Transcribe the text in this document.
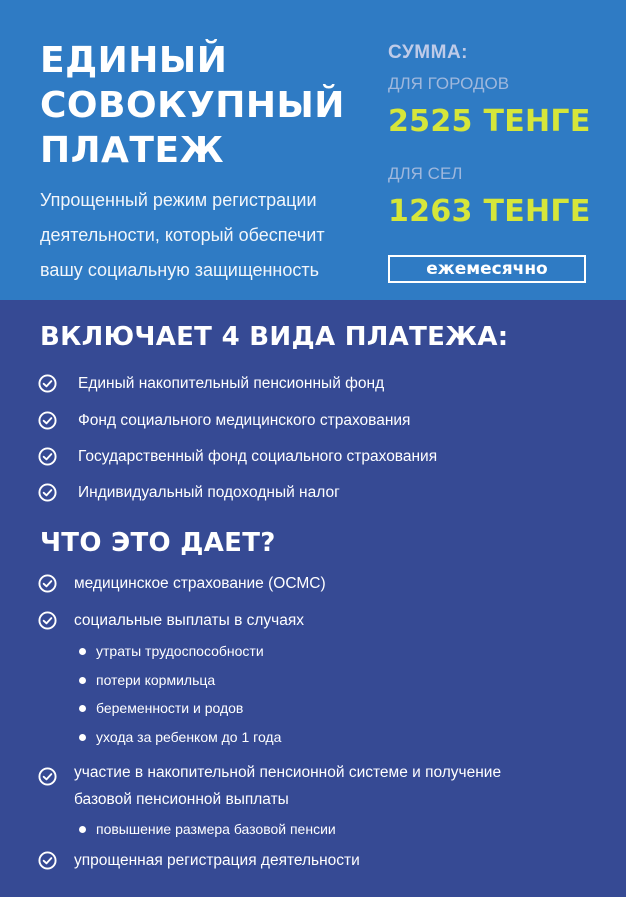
ЕДИНЫЙ
СОВОКУПНЫЙ
ПЛАТЕЖ
Упрощенный режим регистрации
деятельности, который обеспечит
вашу социальную защищенность
СУММА:
ДЛЯ ГОРОДОВ
2525 ТЕНГЕ
ДЛЯ СЕЛ
1263 ТЕНГЕ
ежемесячно
ВКЛЮЧАЕТ 4 ВИДА ПЛАТЕЖА:
Единый накопительный пенсионный фонд
Фонд социального медицинского страхования
Государственный фонд социального страхования
Индивидуальный подоходный налог
ЧТО ЭТО ДАЕТ?
медицинское страхование (ОСМС)
социальные выплаты в случаях
утраты трудоспособности
потери кормильца
беременности и родов
ухода за ребенком до 1 года
участие в накопительной пенсионной системе и получение
базовой пенсионной выплаты
повышение размера базовой пенсии
упрощенная регистрация деятельности
